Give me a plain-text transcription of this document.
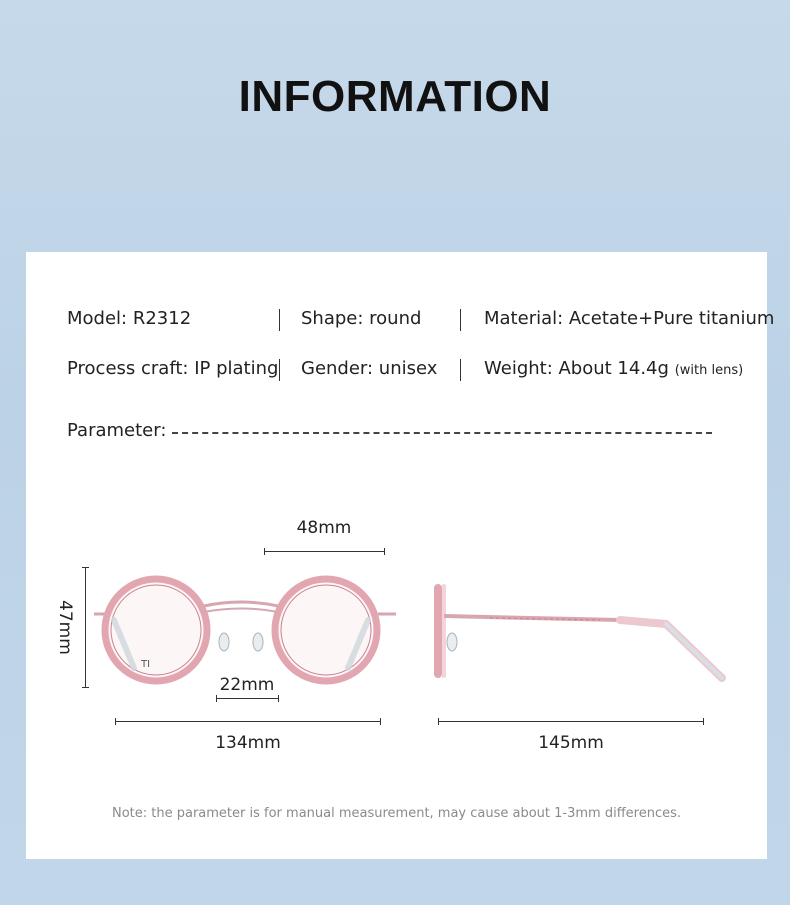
INFORMATION
Model: R2312	Shape: round	Material: Acetate+Pure titanium
Process craft: IP plating Gender: unisex	Weight: About 14.4g (with lens)
Parameter:
48mm
47mm
TI
22mm
134mm	145mm
Note: the parameter is for manual measurement, may cause about 1-3mm differences.
